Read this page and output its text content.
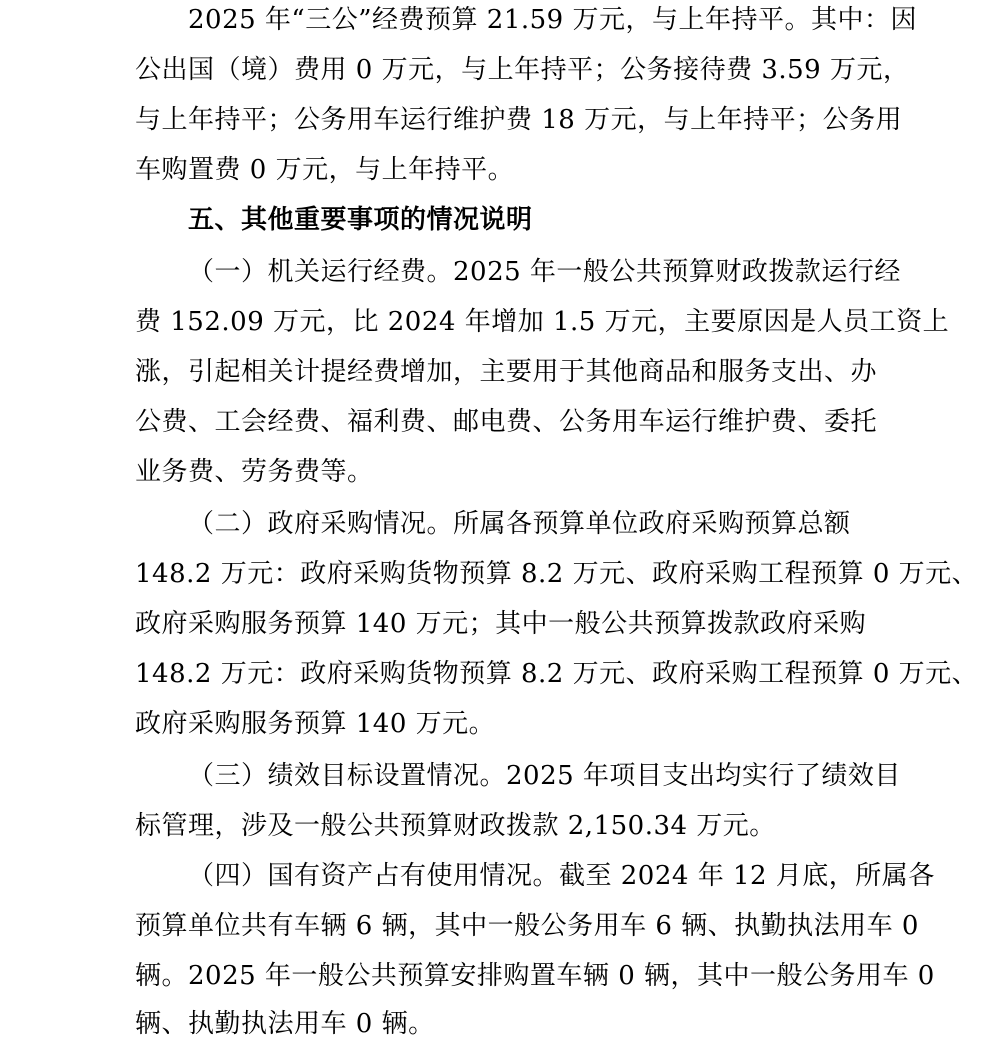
2025 年“三公”经费预算 21.59 万元，与上年持平。其中：因
公出国（境）费用 0 万元，与上年持平；公务接待费 3.59 万元，
与上年持平；公务用车运行维护费 18 万元，与上年持平；公务用
车购置费 0 万元，与上年持平。
五、其他重要事项的情况说明
（一）机关运行经费。2025 年一般公共预算财政拨款运行经
费 152.09 万元，比 2024 年增加 1.5 万元，主要原因是人员工资上
涨，引起相关计提经费增加，主要用于其他商品和服务支出、办
公费、工会经费、福利费、邮电费、公务用车运行维护费、委托
业务费、劳务费等。
（二）政府采购情况。所属各预算单位政府采购预算总额
148.2 万元：政府采购货物预算 8.2 万元、政府采购工程预算 0 万元、
政府采购服务预算 140 万元；其中一般公共预算拨款政府采购
148.2 万元：政府采购货物预算 8.2 万元、政府采购工程预算 0 万元、
政府采购服务预算 140 万元。
（三）绩效目标设置情况。2025 年项目支出均实行了绩效目
标管理，涉及一般公共预算财政拨款 2,150.34 万元。
（四）国有资产占有使用情况。截至 2024 年 12 月底，所属各
预算单位共有车辆 6 辆，其中一般公务用车 6 辆、执勤执法用车 0
辆。2025 年一般公共预算安排购置车辆 0 辆，其中一般公务用车 0
辆、执勤执法用车 0 辆。
